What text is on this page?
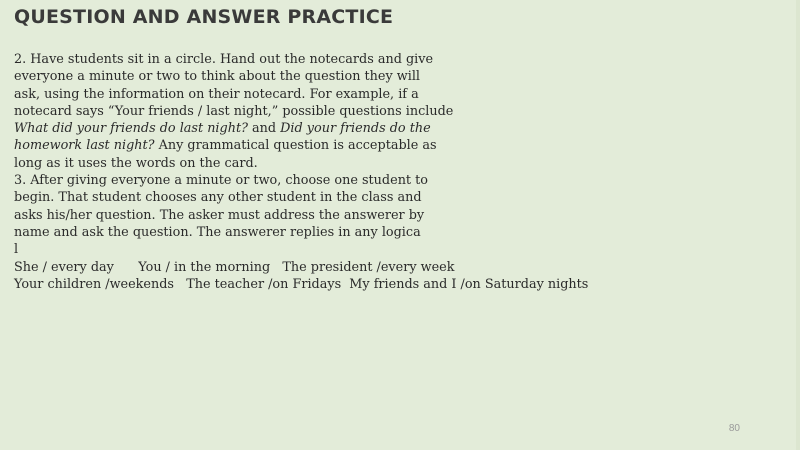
QUESTION AND ANSWER PRACTICE
2. Have students sit in a circle. Hand out the notecards and give
everyone a minute or two to think about the question they will
ask, using the information on their notecard. For example, if a
notecard says “Your friends / last night,” possible questions include
What did your friends do last night? and Did your friends do the
homework last night? Any grammatical question is acceptable as
long as it uses the words on the card.
3. After giving everyone a minute or two, choose one student to
begin. That student chooses any other student in the class and
asks his/her question. The asker must address the answerer by
name and ask the question. The answerer replies in any logica
l
She / every day      You / in the morning   The president /every week
Your children /weekends   The teacher /on Fridays  My friends and I /on Saturday nights
80
